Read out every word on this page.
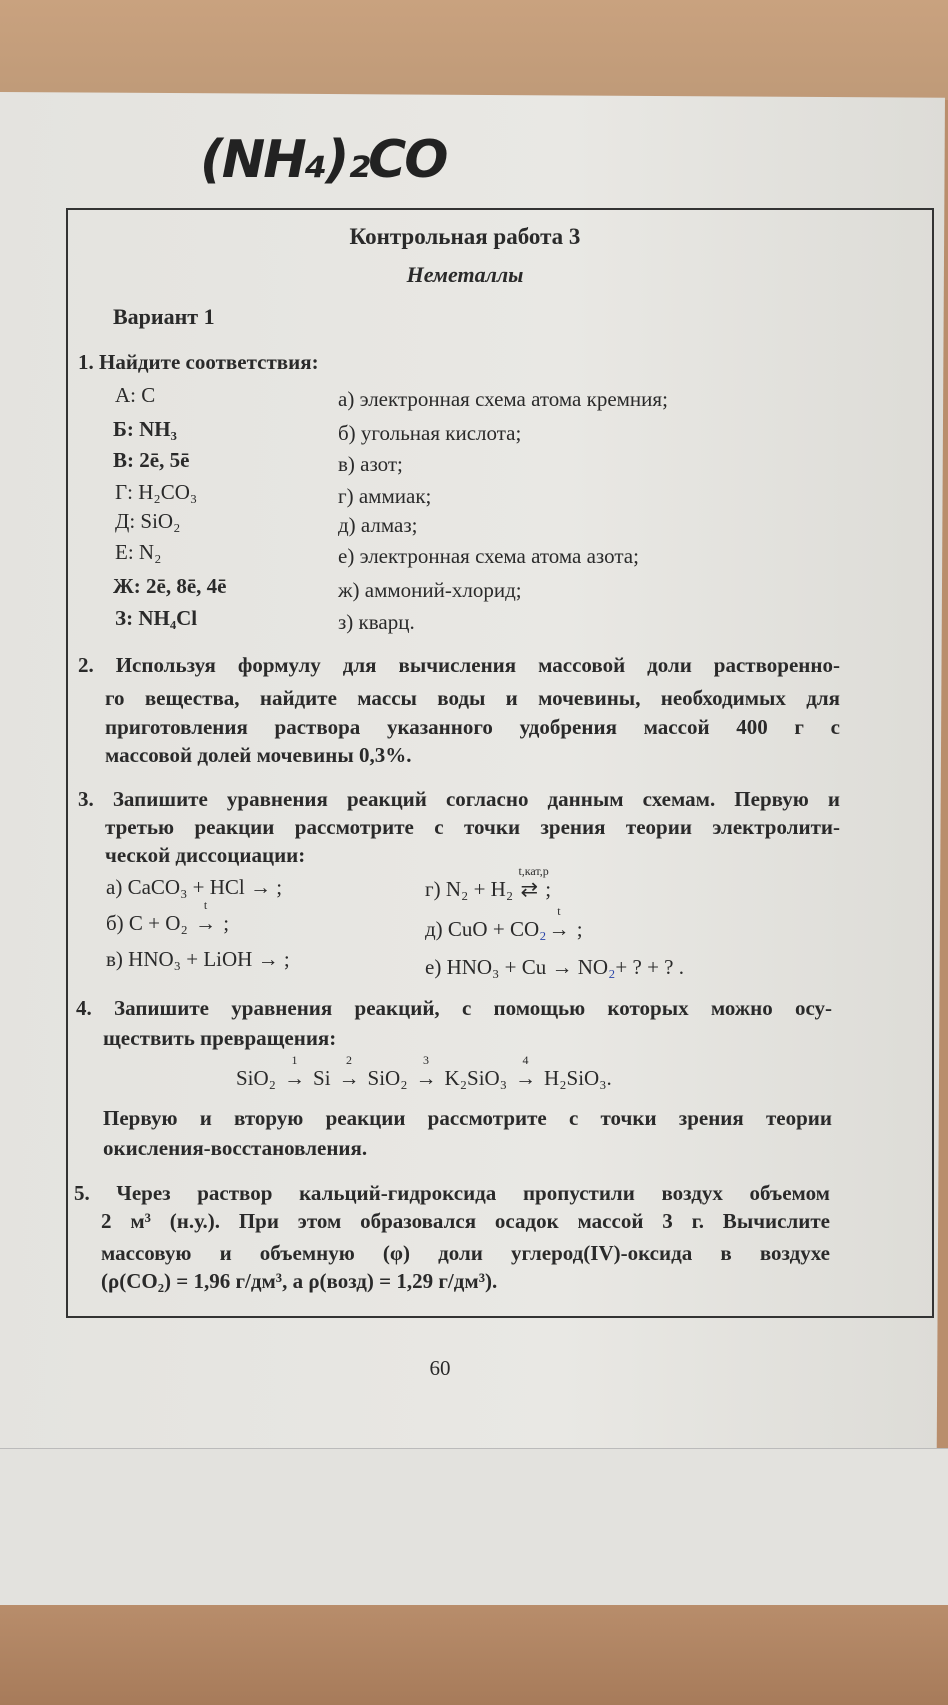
(NH₄)₂CO
Контрольная работа 3
Неметаллы
Вариант 1
1. Найдите соответствия:
А: C
Б: NH₃
В: 2ē, 5ē
Г: H₂CO₃
Д: SiO₂
Е: N₂
Ж: 2ē, 8ē, 4ē
З: NH₄Cl
а) электронная схема атома кремния;
б) угольная кислота;
в) азот;
г) аммиак;
д) алмаз;
е) электронная схема атома азота;
ж) аммоний-хлорид;
з) кварц.
2. Используя формулу для вычисления массовой доли растворенно-
го вещества, найдите массы воды и мочевины, необходимых для
приготовления раствора указанного удобрения массой 400 г с
массовой долей мочевины 0,3%.
3. Запишите уравнения реакций согласно данным схемам. Первую и
третью реакции рассмотрите с точки зрения теории электролити-
ческой диссоциации:
а) CaCO₃ + HCl → ;
б) C + O₂
t
→ ;
в) HNO₃ + LiOH → ;
г) N₂ + H₂
t,кат,р
⇄ ;
д) CuO + CO₂
t
→ ;
е) HNO₃ + Cu → NO₂+ ? + ? .
4. Запишите уравнения реакций, с помощью которых можно осу-
ществить превращения:
SiO₂
1
→ Si
2
→ SiO₂
3
→ K₂SiO₃
4
→ H₂SiO₃.
Первую и вторую реакции рассмотрите с точки зрения теории
окисления-восстановления.
5. Через раствор кальций-гидроксида пропустили воздух объемом
2 м³ (н.у.). При этом образовался осадок массой 3 г. Вычислите
массовую и объемную (φ) доли углерод(IV)-оксида в воздухе
(ρ(CO₂) = 1,96 г/дм³, а ρ(возд) = 1,29 г/дм³).
60
